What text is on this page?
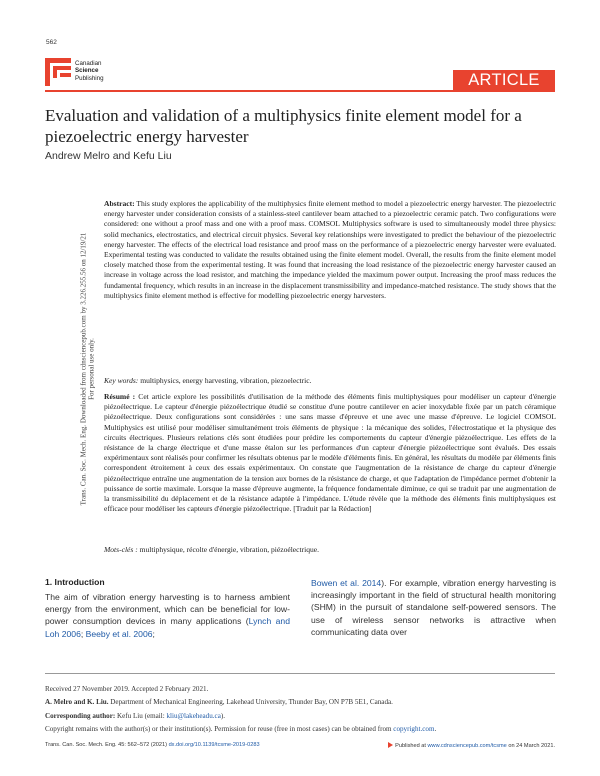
562
Canadian
Science
Publishing	ARTICLE
Trans. Can. Soc. Mech. Eng. Downloaded from cdnsciencepub.com by 3.226.255.56 on 12/19/21 For personal use only.
Evaluation and validation of a multiphysics finite element model for a piezoelectric energy harvester
Andrew Melro and Kefu Liu
Abstract: This study explores the applicability of the multiphysics finite element method to model a piezoelectric energy harvester. The piezoelectric energy harvester under consideration consists of a stainless-steel cantilever beam attached to a piezoelectric ceramic patch. Two configurations were considered: one without a proof mass and one with a proof mass. COMSOL Multiphysics software is used to simultaneously model three physics: solid mechanics, electrostatics, and electrical circuit physics. Several key relationships were investigated to predict the behaviour of the piezoelectric energy harvester. The effects of the electrical load resistance and proof mass on the performance of a piezoelectric energy harvester were evaluated. Experimental testing was conducted to validate the results obtained using the finite element model. Overall, the results from the finite element model closely matched those from the experimental testing. It was found that increasing the load resistance of the piezoelectric energy harvester caused an increase in voltage across the load resistor, and matching the impedance yielded the maximum power output. Increasing the proof mass reduces the fundamental frequency, which results in an increase in the displacement transmissibility and impedance-matched resistance. The study shows that the multiphysics finite element method is effective for modelling piezoelectric energy harvesters.
Key words: multiphysics, energy harvesting, vibration, piezoelectric.
Résumé : Cet article explore les possibilités d'utilisation de la méthode des éléments finis multiphysiques pour modéliser un capteur d'énergie piézoélectrique. Le capteur d'énergie piézoélectrique étudié se constitue d'une poutre cantilever en acier inoxydable fixée par un patch céramique piézoélectrique. Deux configurations sont considérées : une sans masse d'épreuve et une avec une masse d'épreuve. Le logiciel COMSOL Multiphysics est utilisé pour modéliser simultanément trois éléments de physique : la mécanique des solides, l'électrostatique et la physique des circuits électriques. Plusieurs relations clés sont étudiées pour prédire les comportements du capteur d'énergie piézoélectrique. Les effets de la résistance de la charge électrique et d'une masse étalon sur les performances d'un capteur d'énergie piézoélectrique sont évalués. Des essais expérimentaux sont réalisés pour confirmer les résultats obtenus par le modèle d'éléments finis. En général, les résultats du modèle par éléments finis correspondent étroitement à ceux des essais expérimentaux. On constate que l'augmentation de la résistance de charge du capteur d'énergie piézoélectrique entraîne une augmentation de la tension aux bornes de la résistance de charge, et que l'adaptation de l'impédance permet d'obtenir la puissance de sortie maximale. Lorsque la masse d'épreuve augmente, la fréquence fondamentale diminue, ce qui se traduit par une augmentation de la transmissibilité du déplacement et de la résistance adaptée à l'impédance. L'étude révèle que la méthode des éléments finis multiphysiques est efficace pour modéliser les capteurs d'énergie piézoélectrique. [Traduit par la Rédaction]
Mots-clés : multiphysique, récolte d'énergie, vibration, piézoélectrique.
1. Introduction
The aim of vibration energy harvesting is to harness ambient energy from the environment, which can be beneficial for low-power consumption devices in many applications (Lynch and Loh 2006; Beeby et al. 2006;
Bowen et al. 2014). For example, vibration energy harvesting is increasingly important in the field of structural health monitoring (SHM) in the pursuit of standalone self-powered sensors. The use of wireless sensor networks is attractive when communicating data over

Received 27 November 2019. Accepted 2 February 2021.

A. Melro and K. Liu. Department of Mechanical Engineering, Lakehead University, Thunder Bay, ON P7B 5E1, Canada.

Corresponding author: Kefu Liu (email: kliu@lakeheadu.ca).

Copyright remains with the author(s) or their institution(s). Permission for reuse (free in most cases) can be obtained from copyright.com.

Trans. Can. Soc. Mech. Eng. 45: 562–572 (2021) dx.doi.org/10.1139/tcsme-2019-0283	Published at www.cdnsciencepub.com/tcsme on 24 March 2021.
